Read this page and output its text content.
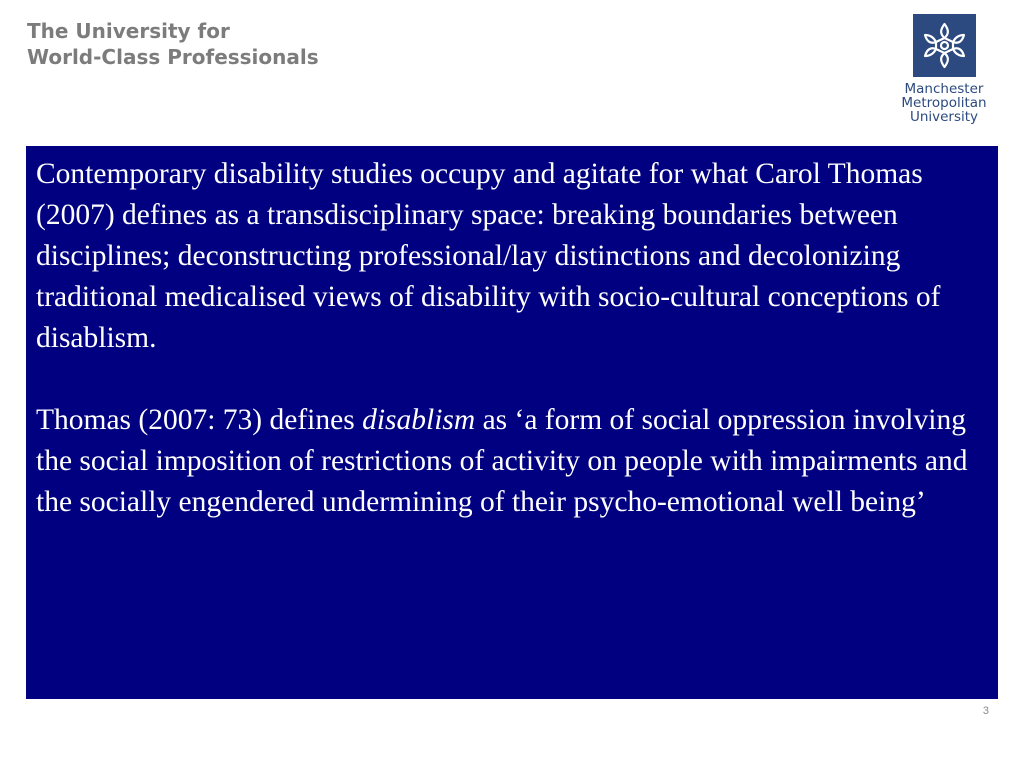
The University for
World-Class Professionals
Manchester
Metropolitan
University

Contemporary disability studies occupy and agitate for what Carol Thomas (2007) defines as a transdisciplinary space: breaking boundaries between disciplines; deconstructing professional/lay distinctions and decolonizing traditional medicalised views of disability with socio-cultural conceptions of disablism.

Thomas (2007: 73) defines disablism as ‘a form of social oppression involving the social imposition of restrictions of activity on people with impairments and the socially engendered undermining of their psycho-emotional well being’

3
